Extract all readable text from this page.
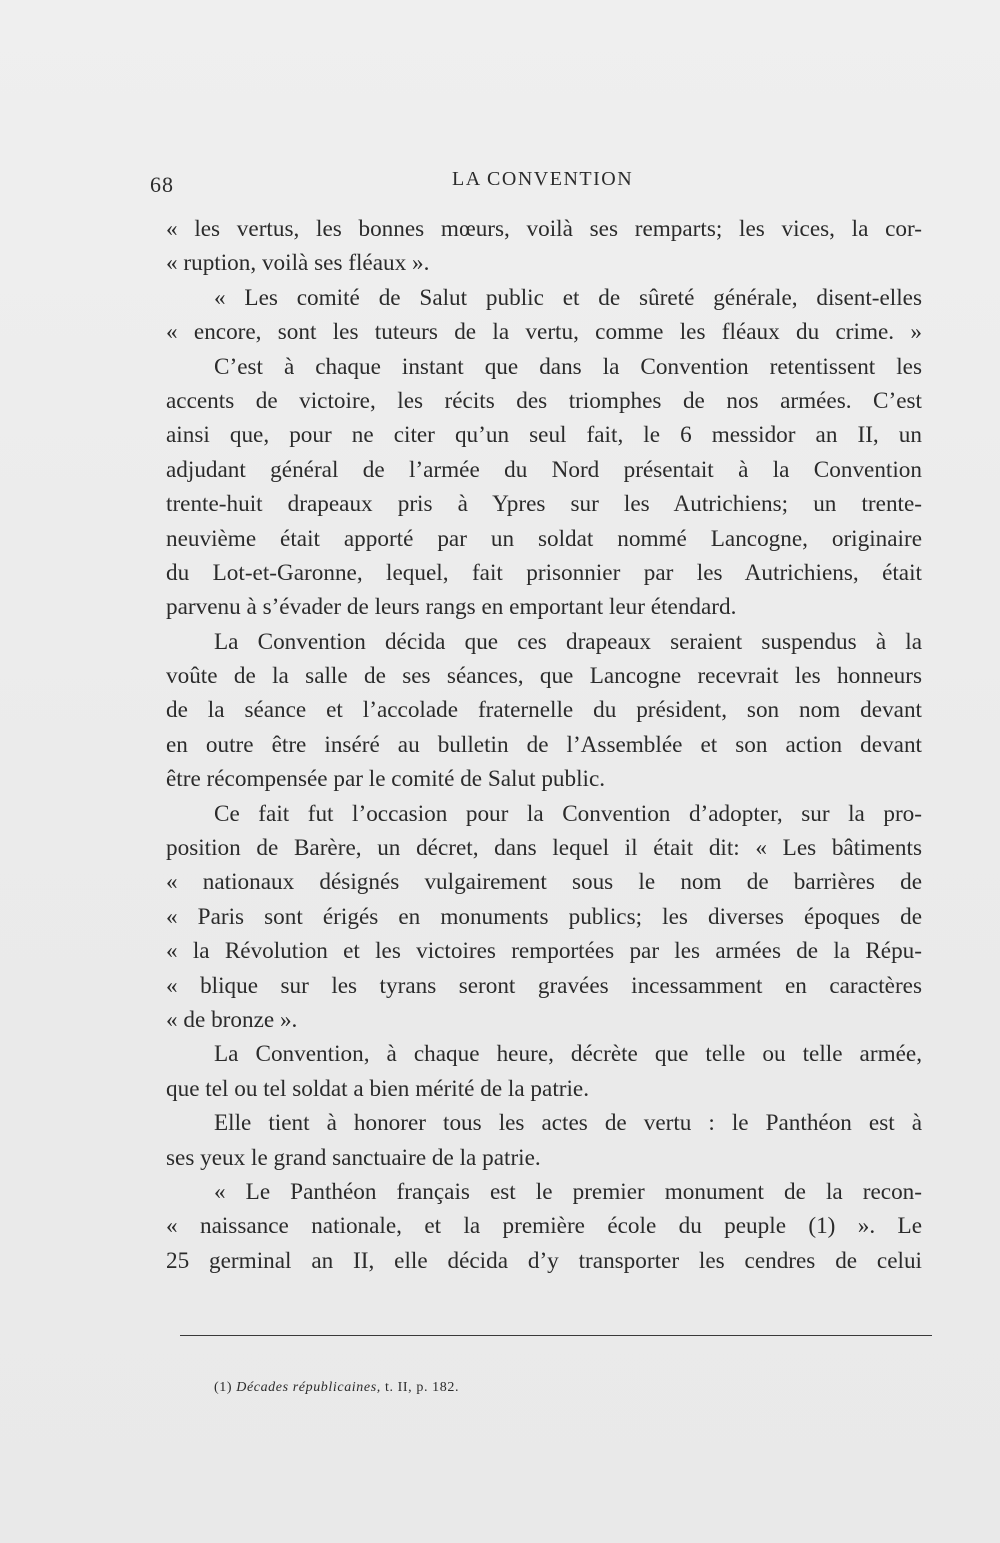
68	LA CONVENTION
« les vertus, les bonnes mœurs, voilà ses remparts; les vices, la cor-
« ruption, voilà ses fléaux ».
« Les comité de Salut public et de sûreté générale, disent-elles
« encore, sont les tuteurs de la vertu, comme les fléaux du crime. »
C’est à chaque instant que dans la Convention retentissent les
accents de victoire, les récits des triomphes de nos armées. C’est
ainsi que, pour ne citer qu’un seul fait, le 6 messidor an II, un
adjudant général de l’armée du Nord présentait à la Convention
trente-huit drapeaux pris à Ypres sur les Autrichiens; un trente-
neuvième était apporté par un soldat nommé Lancogne, originaire
du Lot-et-Garonne, lequel, fait prisonnier par les Autrichiens, était
parvenu à s’évader de leurs rangs en emportant leur étendard.
La Convention décida que ces drapeaux seraient suspendus à la
voûte de la salle de ses séances, que Lancogne recevrait les honneurs
de la séance et l’accolade fraternelle du président, son nom devant
en outre être inséré au bulletin de l’Assemblée et son action devant
être récompensée par le comité de Salut public.
Ce fait fut l’occasion pour la Convention d’adopter, sur la pro-
position de Barère, un décret, dans lequel il était dit: « Les bâtiments
« nationaux désignés vulgairement sous le nom de barrières de
« Paris sont érigés en monuments publics; les diverses époques de
« la Révolution et les victoires remportées par les armées de la Répu-
« blique sur les tyrans seront gravées incessamment en caractères
« de bronze ».
La Convention, à chaque heure, décrète que telle ou telle armée,
que tel ou tel soldat a bien mérité de la patrie.
Elle tient à honorer tous les actes de vertu : le Panthéon est à
ses yeux le grand sanctuaire de la patrie.
« Le Panthéon français est le premier monument de la recon-
« naissance nationale, et la première école du peuple (1) ». Le
25 germinal an II, elle décida d’y transporter les cendres de celui
(1) Décades républicaines, t. II, p. 182.
